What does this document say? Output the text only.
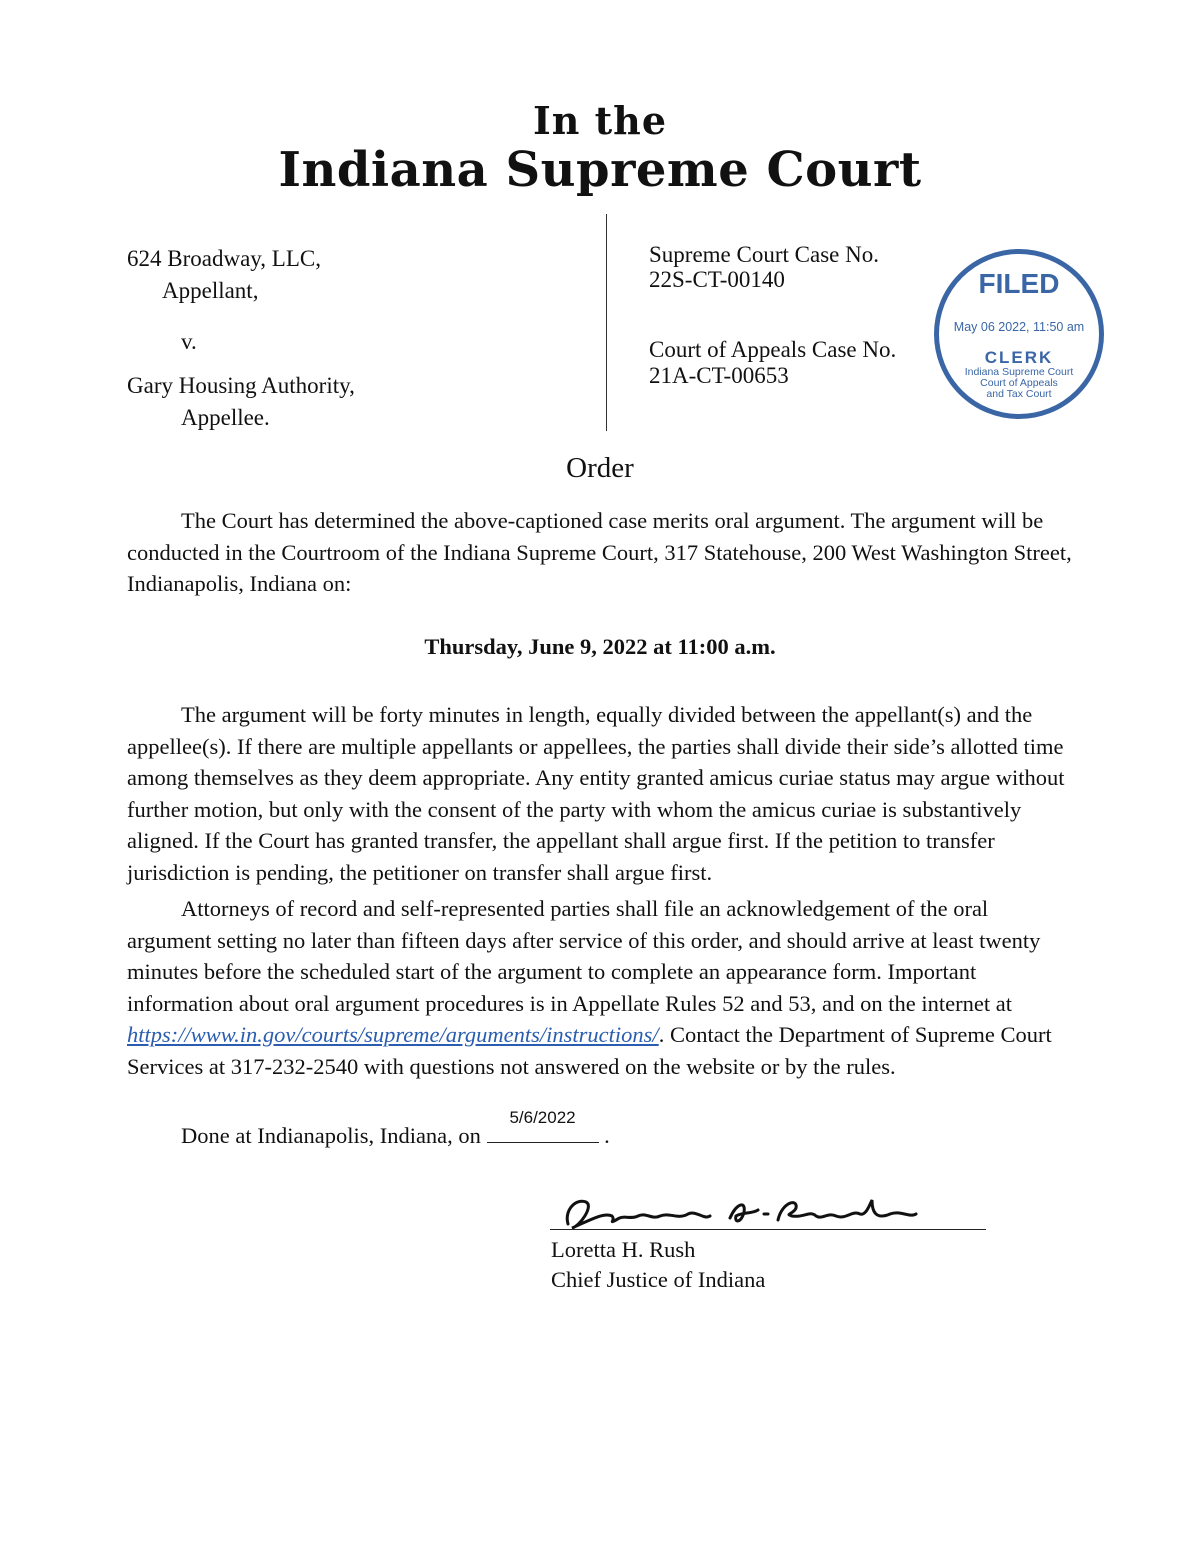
In the
Indiana Supreme Court
624 Broadway, LLC,
Appellant,
v.
Gary Housing Authority,
Appellee.
Supreme Court Case No.
22S-CT-00140
Court of Appeals Case No.
21A-CT-00653
FILED
May 06 2022, 11:50 am
CLERK
Indiana Supreme Court
Court of Appeals
and Tax Court
Order
The Court has determined the above-captioned case merits oral argument. The argument will be conducted in the Courtroom of the Indiana Supreme Court, 317 Statehouse, 200 West Washington Street, Indianapolis, Indiana on:
Thursday, June 9, 2022 at 11:00 a.m.
The argument will be forty minutes in length, equally divided between the appellant(s) and the appellee(s). If there are multiple appellants or appellees, the parties shall divide their side’s allotted time among themselves as they deem appropriate. Any entity granted amicus curiae status may argue without further motion, but only with the consent of the party with whom the amicus curiae is substantively aligned. If the Court has granted transfer, the appellant shall argue first. If the petition to transfer jurisdiction is pending, the petitioner on transfer shall argue first.
Attorneys of record and self-represented parties shall file an acknowledgement of the oral argument setting no later than fifteen days after service of this order, and should arrive at least twenty minutes before the scheduled start of the argument to complete an appearance form. Important information about oral argument procedures is in Appellate Rules 52 and 53, and on the internet at https://www.in.gov/courts/supreme/arguments/instructions/. Contact the Department of Supreme Court Services at 317-232-2540 with questions not answered on the website or by the rules.
Done at Indianapolis, Indiana, on
5/6/2022
.
Loretta H. Rush
Chief Justice of Indiana
